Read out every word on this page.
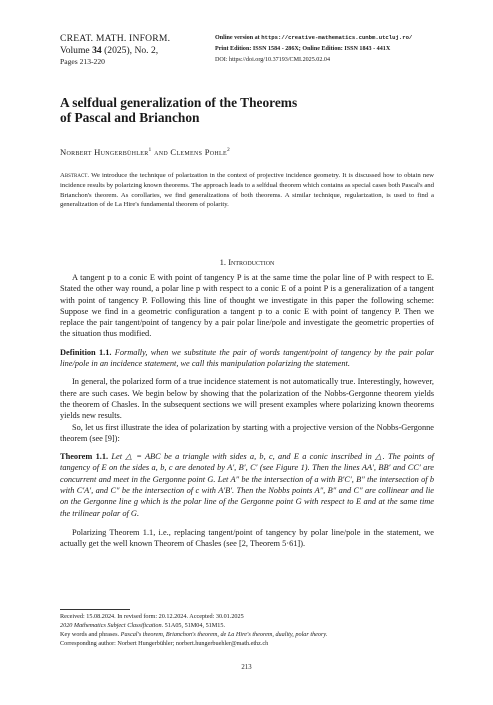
CREAT. MATH. INFORM.
Volume 34 (2025), No. 2,
Pages 213-220
Online version at https://creative-mathematics.cunbm.utcluj.ro/
Print Edition: ISSN 1584 - 286X; Online Edition: ISSN 1843 - 441X
DOI: https://doi.org/10.37193/CMI.2025.02.04
A selfdual generalization of the Theorems
of Pascal and Brianchon
Norbert Hungerbühler$^1$ and Clemens Pohle$^2$
Abstract. We introduce the technique of polarization in the context of projective incidence geometry. It is discussed how to obtain new incidence results by polarizing known theorems. The approach leads to a selfdual theorem which contains as special cases both Pascal's and Brianchon's theorem. As corollaries, we find generalizations of both theorems. A similar technique, regularization, is used to find a generalization of de La Hire's fundamental theorem of polarity.
1. Introduction

A tangent p to a conic E with point of tangency P is at the same time the polar line of P with respect to E. Stated the other way round, a polar line p with respect to a conic E of a point P is a generalization of a tangent with point of tangency P. Following this line of thought we investigate in this paper the following scheme: Suppose we find in a geometric configuration a tangent p to a conic E with point of tangency P. Then we replace the pair tangent/point of tangency by a pair polar line/pole and investigate the geometric properties of the situation thus modified.

Definition 1.1. Formally, when we substitute the pair of words tangent/point of tangency by the pair polar line/pole in an incidence statement, we call this manipulation polarizing the statement.

In general, the polarized form of a true incidence statement is not automatically true. Interestingly, however, there are such cases. We begin below by showing that the polarization of the Nobbs-Gergonne theorem yields the theorem of Chasles. In the subsequent sections we will present examples where polarizing known theorems yields new results.

So, let us first illustrate the idea of polarization by starting with a projective version of the Nobbs-Gergonne theorem (see [9]):

Theorem 1.1. Let △ = ABC be a triangle with sides a, b, c, and E a conic inscribed in △. The points of tangency of E on the sides a, b, c are denoted by A′, B′, C′ (see Figure 1). Then the lines AA′, BB′ and CC′ are concurrent and meet in the Gergonne point G. Let A″ be the intersection of a with B′C′, B″ the intersection of b with C′A′, and C″ be the intersection of c with A′B′. Then the Nobbs points A″, B″ and C″ are collinear and lie on the Gergonne line g which is the polar line of the Gergonne point G with respect to E and at the same time the trilinear polar of G.

Polarizing Theorem 1.1, i.e., replacing tangent/point of tangency by polar line/pole in the statement, we actually get the well known Theorem of Chasles (see [2, Theorem 5·61]).

Received: 15.08.2024. In revised form: 20.12.2024. Accepted: 30.01.2025
2020 Mathematics Subject Classification. 51A05, 51M04, 51M15.
Key words and phrases. Pascal's theorem, Brianchon's theorem, de La Hire's theorem, duality, polar theory.
Corresponding author: Norbert Hungerbühler; norbert.hungerbuehler@math.ethz.ch
213
